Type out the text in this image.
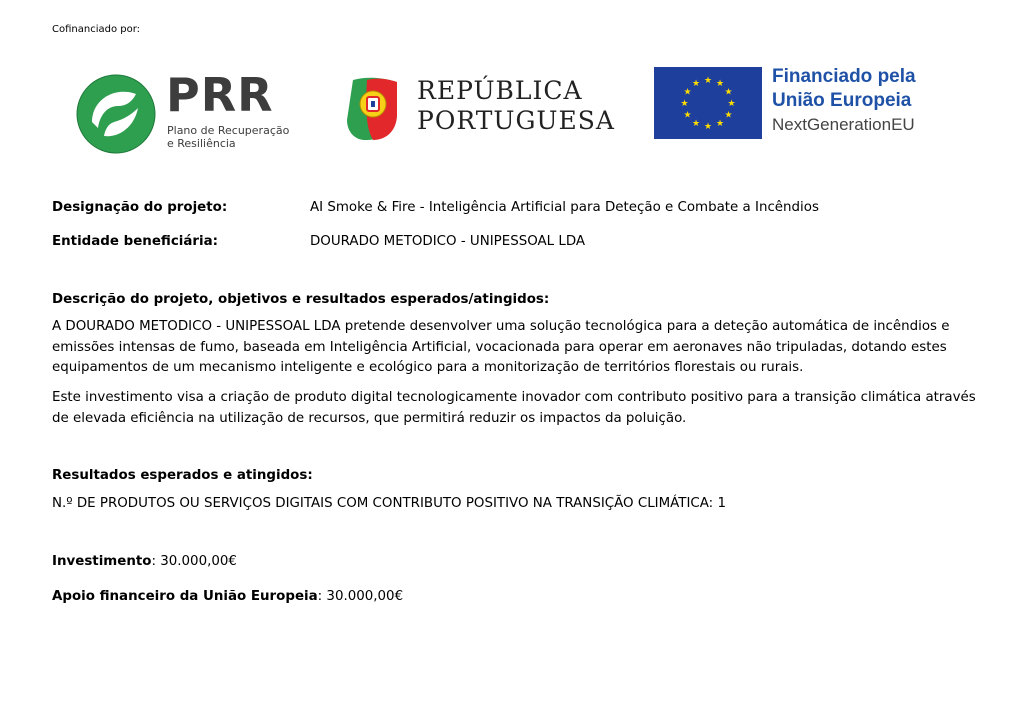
Cofinanciado por:
PRR
Plano de Recuperação
e Resiliência
REPÚBLICA
PORTUGUESA
★ ★
★
★
★
★
★
★
★
★
★
★	Financiado pela
União Europeia
NextGenerationEU
Designação do projeto:	AI Smoke & Fire - Inteligência Artificial para Deteção e Combate a Incêndios
Entidade beneficiária:	DOURADO METODICO - UNIPESSOAL LDA
Descrição do projeto, objetivos e resultados esperados/atingidos:
A DOURADO METODICO - UNIPESSOAL LDA pretende desenvolver uma solução tecnológica para a deteção automática de incêndios e emissões intensas de fumo, baseada em Inteligência Artificial, vocacionada para operar em aeronaves não tripuladas, dotando estes equipamentos de um mecanismo inteligente e ecológico para a monitorização de territórios florestais ou rurais.
Este investimento visa a criação de produto digital tecnologicamente inovador com contributo positivo para a transição climática através de elevada eficiência na utilização de recursos, que permitirá reduzir os impactos da poluição.
Resultados esperados e atingidos:
N.º DE PRODUTOS OU SERVIÇOS DIGITAIS COM CONTRIBUTO POSITIVO NA TRANSIÇÃO CLIMÁTICA: 1
Investimento: 30.000,00€
Apoio financeiro da União Europeia: 30.000,00€
